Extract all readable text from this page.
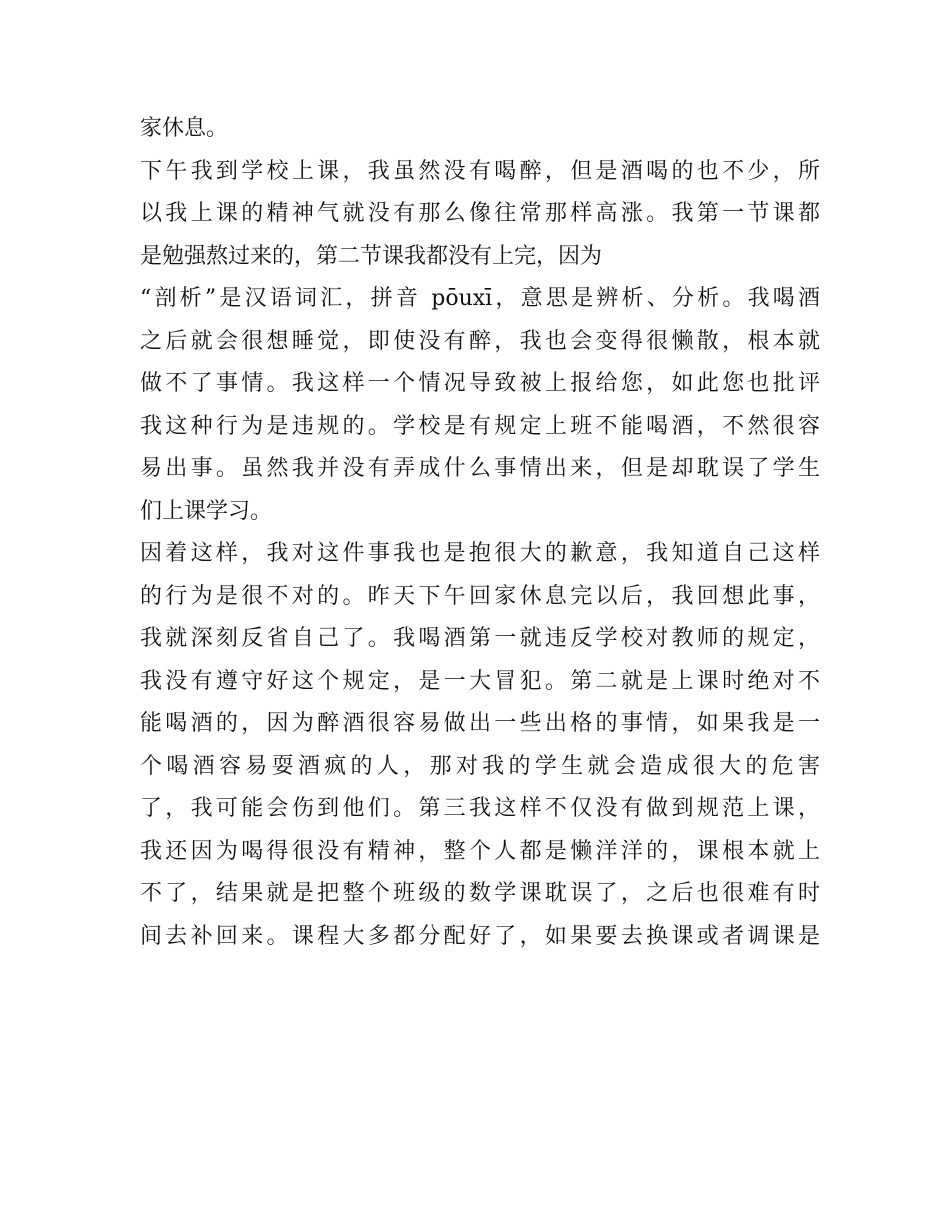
家休息。
下午我到学校上课，我虽然没有喝醉，但是酒喝的也不少，所
以我上课的精神气就没有那么像往常那样高涨。我第一节课都
是勉强熬过来的，第二节课我都没有上完，因为
“剖析”是汉语词汇，拼音 pōuxī，意思是辨析、分析。我喝酒
之后就会很想睡觉，即使没有醉，我也会变得很懒散，根本就
做不了事情。我这样一个情况导致被上报给您，如此您也批评
我这种行为是违规的。学校是有规定上班不能喝酒，不然很容
易出事。虽然我并没有弄成什么事情出来，但是却耽误了学生
们上课学习。
因着这样，我对这件事我也是抱很大的歉意，我知道自己这样
的行为是很不对的。昨天下午回家休息完以后，我回想此事，
我就深刻反省自己了。我喝酒第一就违反学校对教师的规定，
我没有遵守好这个规定，是一大冒犯。第二就是上课时绝对不
能喝酒的，因为醉酒很容易做出一些出格的事情，如果我是一
个喝酒容易耍酒疯的人，那对我的学生就会造成很大的危害
了，我可能会伤到他们。第三我这样不仅没有做到规范上课，
我还因为喝得很没有精神，整个人都是懒洋洋的，课根本就上
不了，结果就是把整个班级的数学课耽误了，之后也很难有时
间去补回来。课程大多都分配好了，如果要去换课或者调课是
